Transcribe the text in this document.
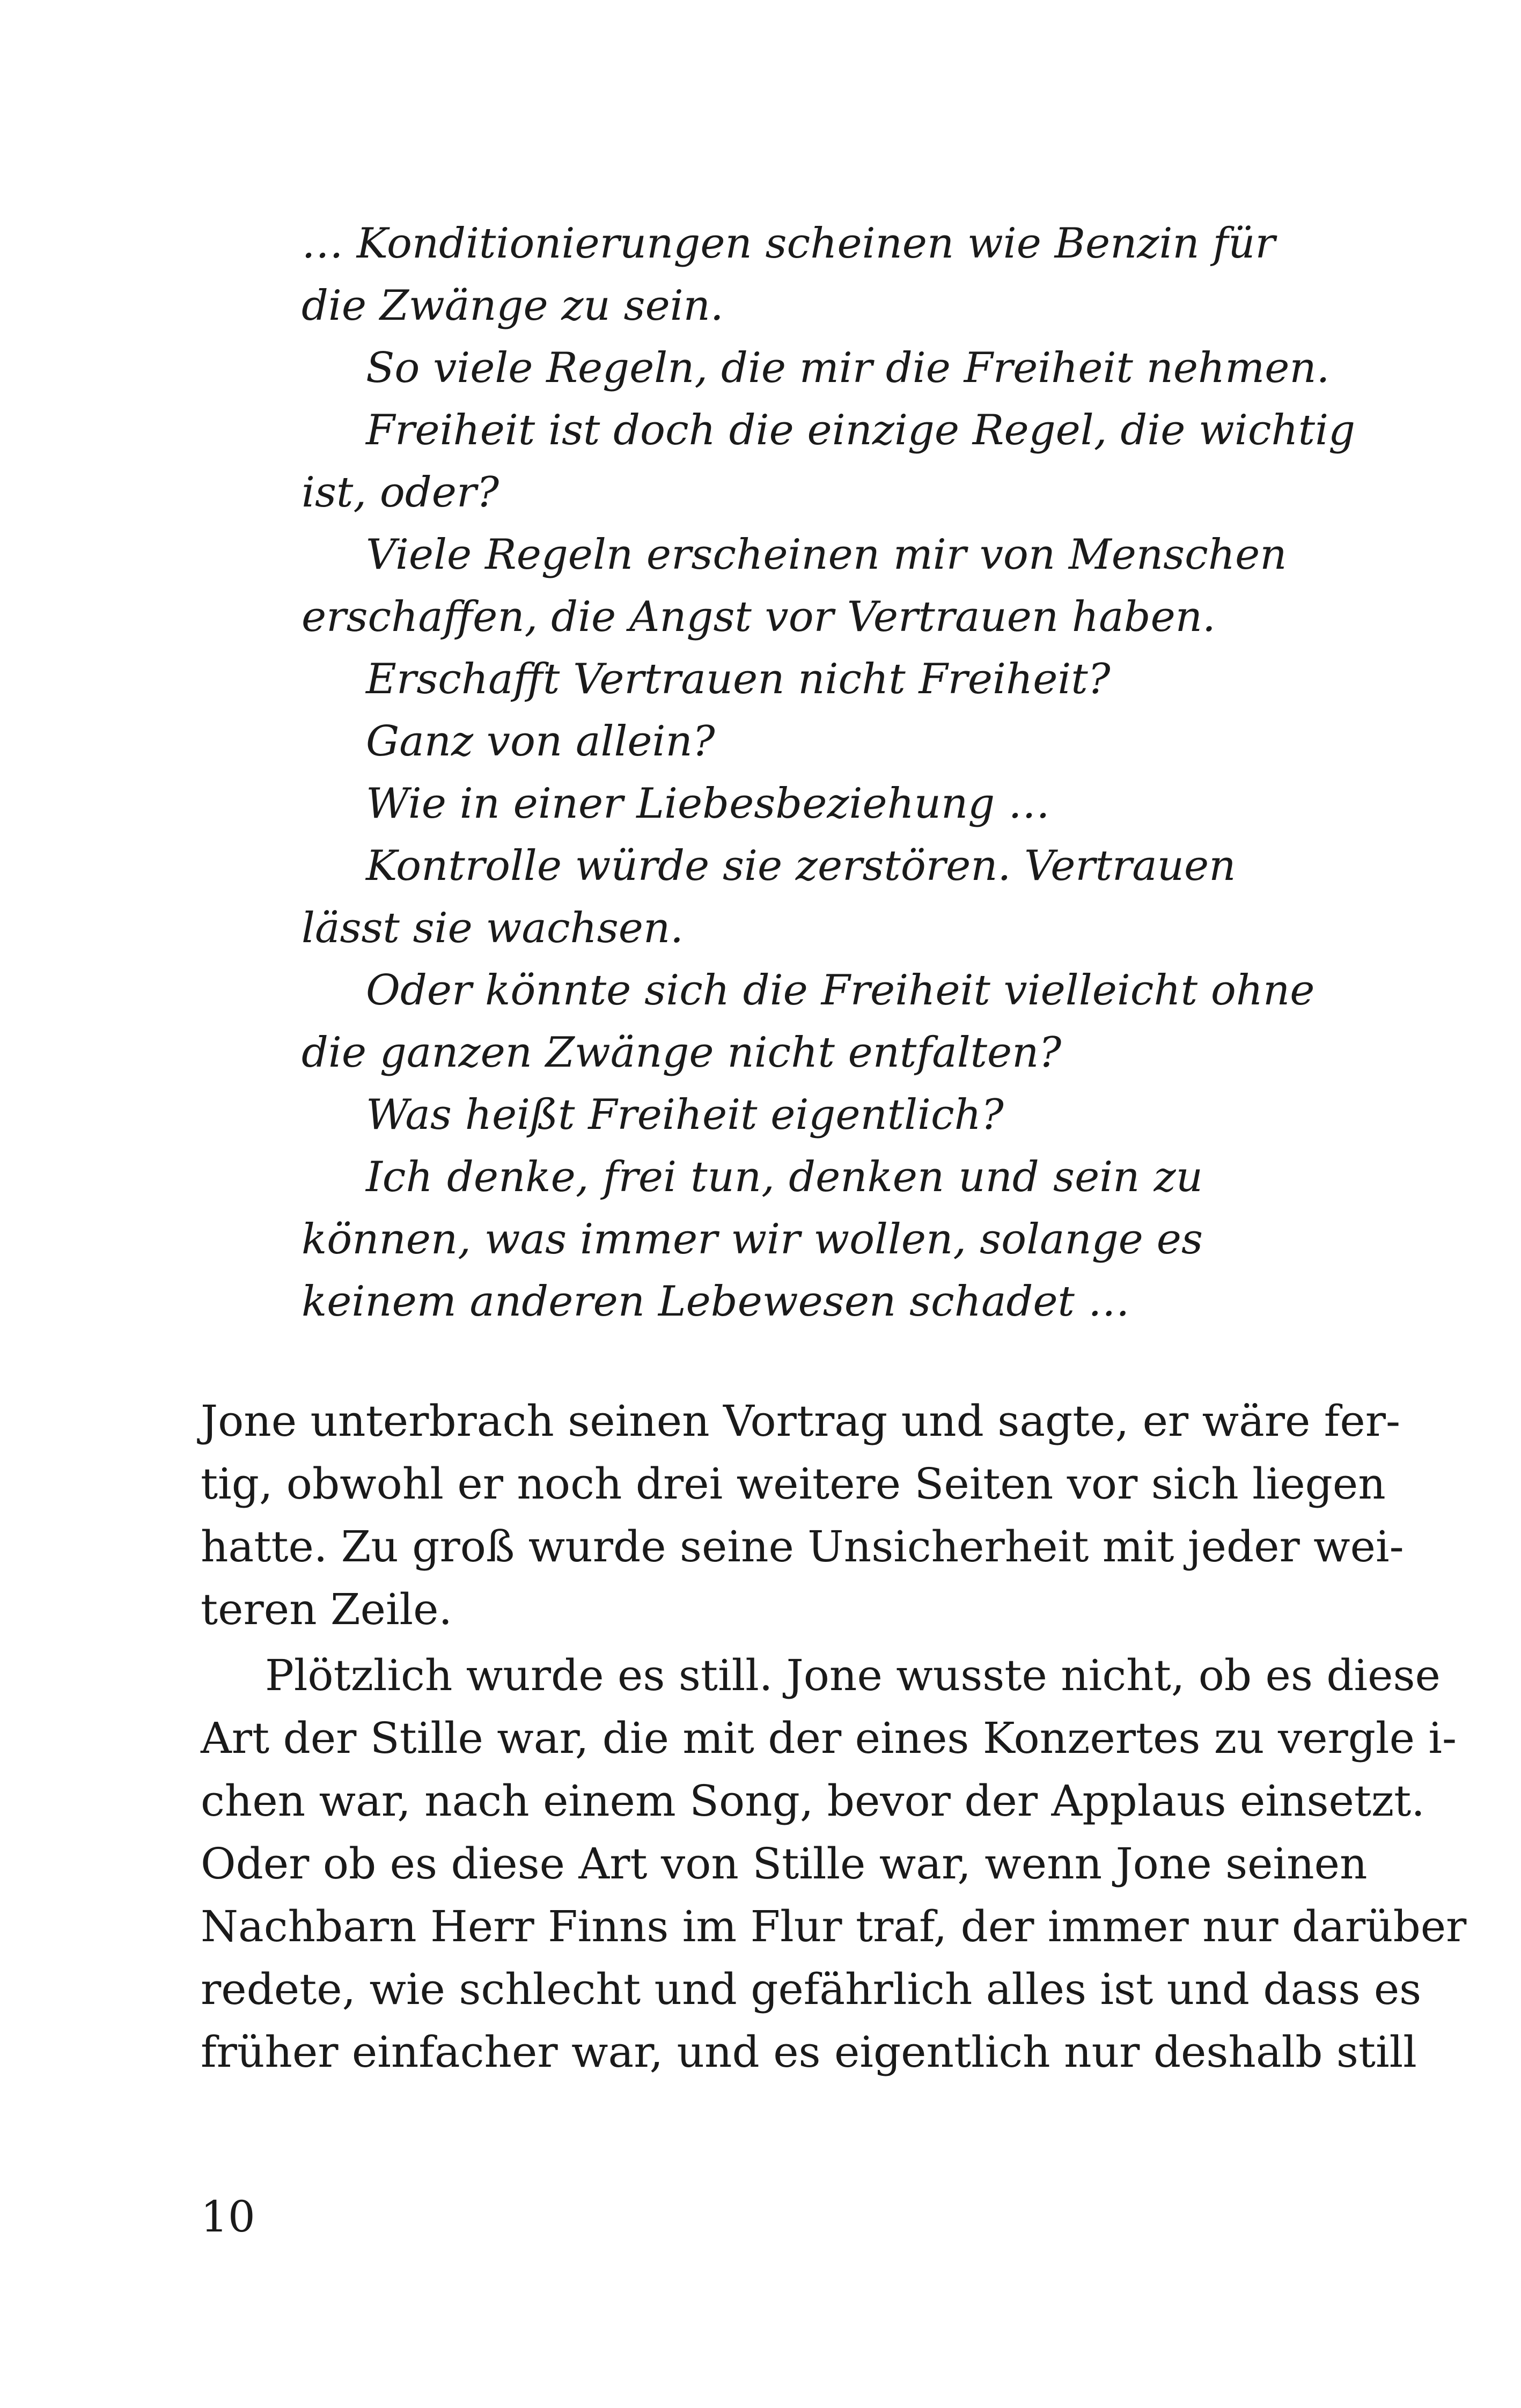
… Konditionierungen scheinen wie Benzin für
die Zwänge zu sein.
So viele Regeln, die mir die Freiheit nehmen.
Freiheit ist doch die einzige Regel, die wichtig
ist, oder?
Viele Regeln erscheinen mir von Menschen
erschaffen, die Angst vor Vertrauen haben.
Erschafft Vertrauen nicht Freiheit?
Ganz von allein?
Wie in einer Liebesbeziehung …
Kontrolle würde sie zerstören. Vertrauen
lässt sie wachsen.
Oder könnte sich die Freiheit vielleicht ohne
die ganzen Zwänge nicht entfalten?
Was heißt Freiheit eigentlich?
Ich denke, frei tun, denken und sein zu
können, was immer wir wollen, solange es
keinem anderen Lebewesen schadet …
Jone unterbrach seinen Vortrag und sagte, er wäre fer-
tig, obwohl er noch drei weitere Seiten vor sich liegen
hatte. Zu groß wurde seine Unsicherheit mit jeder wei-
teren Zeile.
Plötzlich wurde es still. Jone wusste nicht, ob es diese
Art der Stille war, die mit der eines Konzertes zu vergle i-
chen war, nach einem Song, bevor der Applaus einsetzt.
Oder ob es diese Art von Stille war, wenn Jone seinen
Nachbarn Herr Finns im Flur traf, der immer nur darüber
redete, wie schlecht und gefährlich alles ist und dass es
früher einfacher war, und es eigentlich nur deshalb still
10
